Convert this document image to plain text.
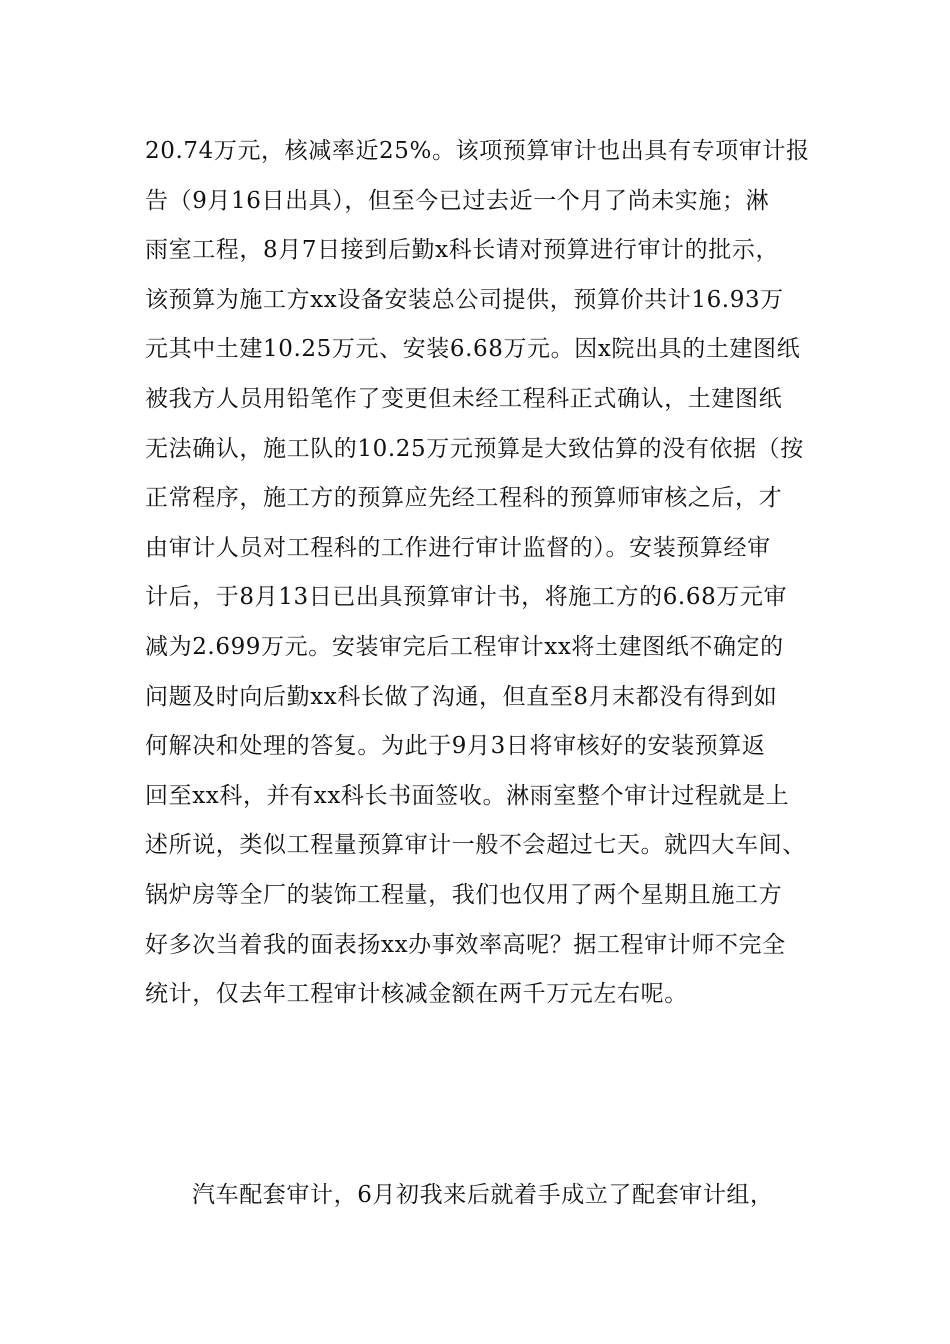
20.74万元，核减率近25%。该项预算审计也出具有专项审计报
告（9月16日出具），但至今已过去近一个月了尚未实施；淋
雨室工程，8月7日接到后勤x科长请对预算进行审计的批示，
该预算为施工方xx设备安装总公司提供，预算价共计16.93万
元其中土建10.25万元、安装6.68万元。因x院出具的土建图纸
被我方人员用铅笔作了变更但未经工程科正式确认，土建图纸
无法确认，施工队的10.25万元预算是大致估算的没有依据（按
正常程序，施工方的预算应先经工程科的预算师审核之后，才
由审计人员对工程科的工作进行审计监督的）。安装预算经审
计后，于8月13日已出具预算审计书，将施工方的6.68万元审
减为2.699万元。安装审完后工程审计xx将土建图纸不确定的
问题及时向后勤xx科长做了沟通，但直至8月末都没有得到如
何解决和处理的答复。为此于9月3日将审核好的安装预算返
回至xx科，并有xx科长书面签收。淋雨室整个审计过程就是上
述所说，类似工程量预算审计一般不会超过七天。就四大车间、
锅炉房等全厂的装饰工程量，我们也仅用了两个星期且施工方
好多次当着我的面表扬xx办事效率高呢？据工程审计师不完全
统计，仅去年工程审计核减金额在两千万元左右呢。
汽车配套审计，6月初我来后就着手成立了配套审计组，
